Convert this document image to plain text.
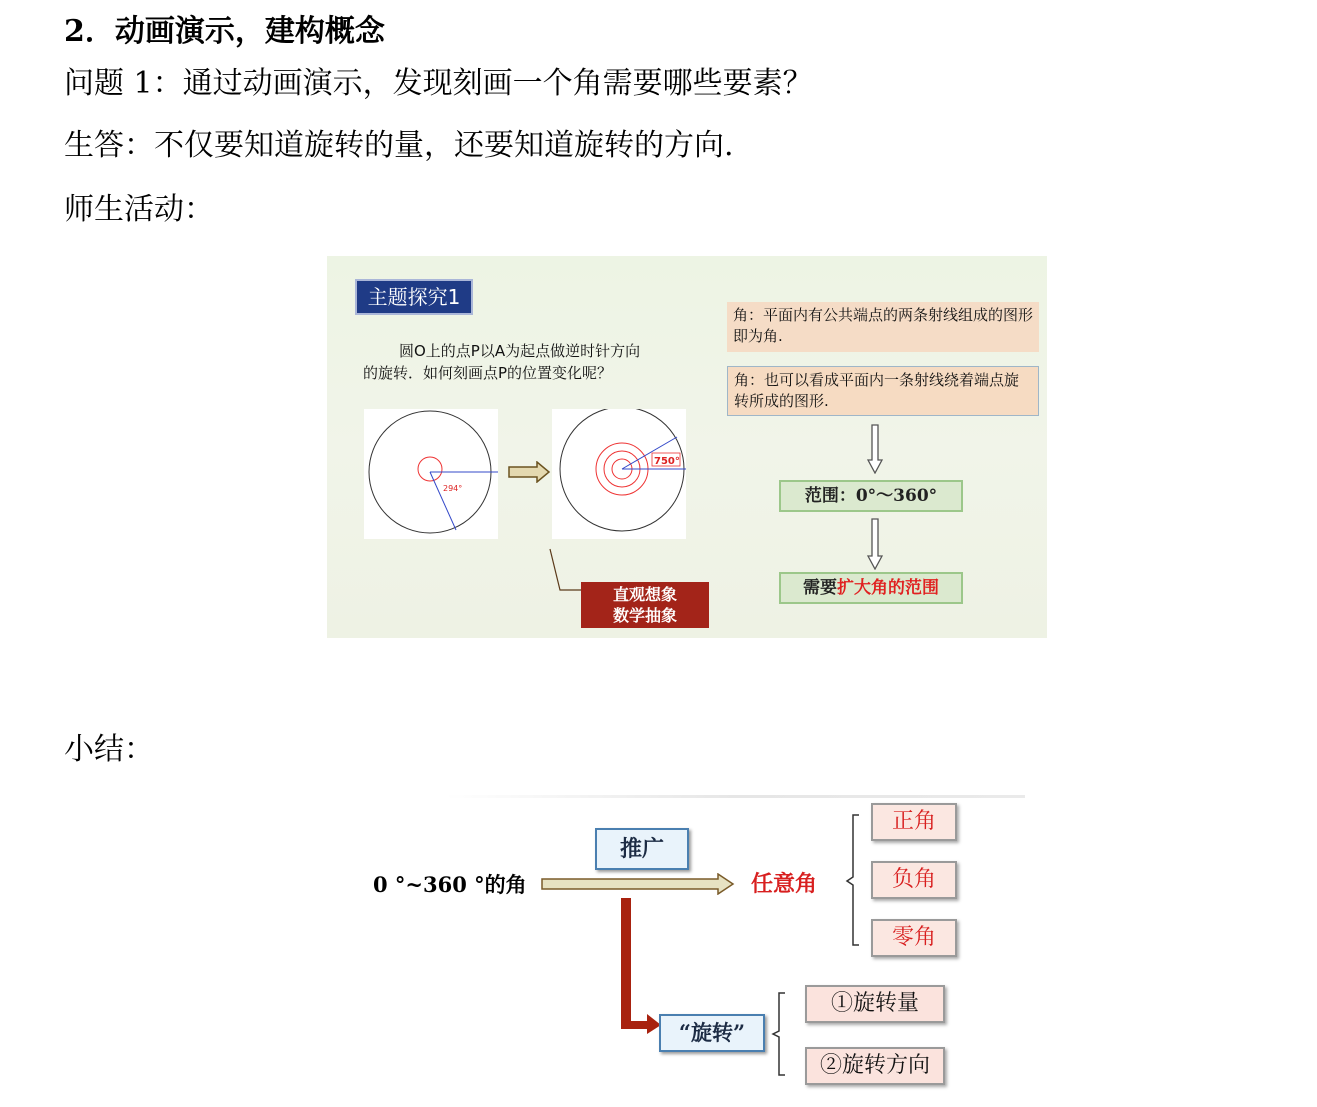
2．动画演示，建构概念
问题 1：通过动画演示，发现刻画一个角需要哪些要素？
生答：不仅要知道旋转的量，还要知道旋转的方向.
师生活动：
主题探究1
圆O上的点P以A为起点做逆时针方向
的旋转．如何刻画点P的位置变化呢？
294°
750°
直观想象
数学抽象
角：平面内有公共端点的两条射线组成的图形即为角.
角：也可以看成平面内一条射线绕着端点旋转所成的图形.
范围：0°～360°
需要扩大角的范围
小结：
0 °~360 °的角
推广
任意角
正角
负角
零角
“旋转”
①旋转量
②旋转方向
